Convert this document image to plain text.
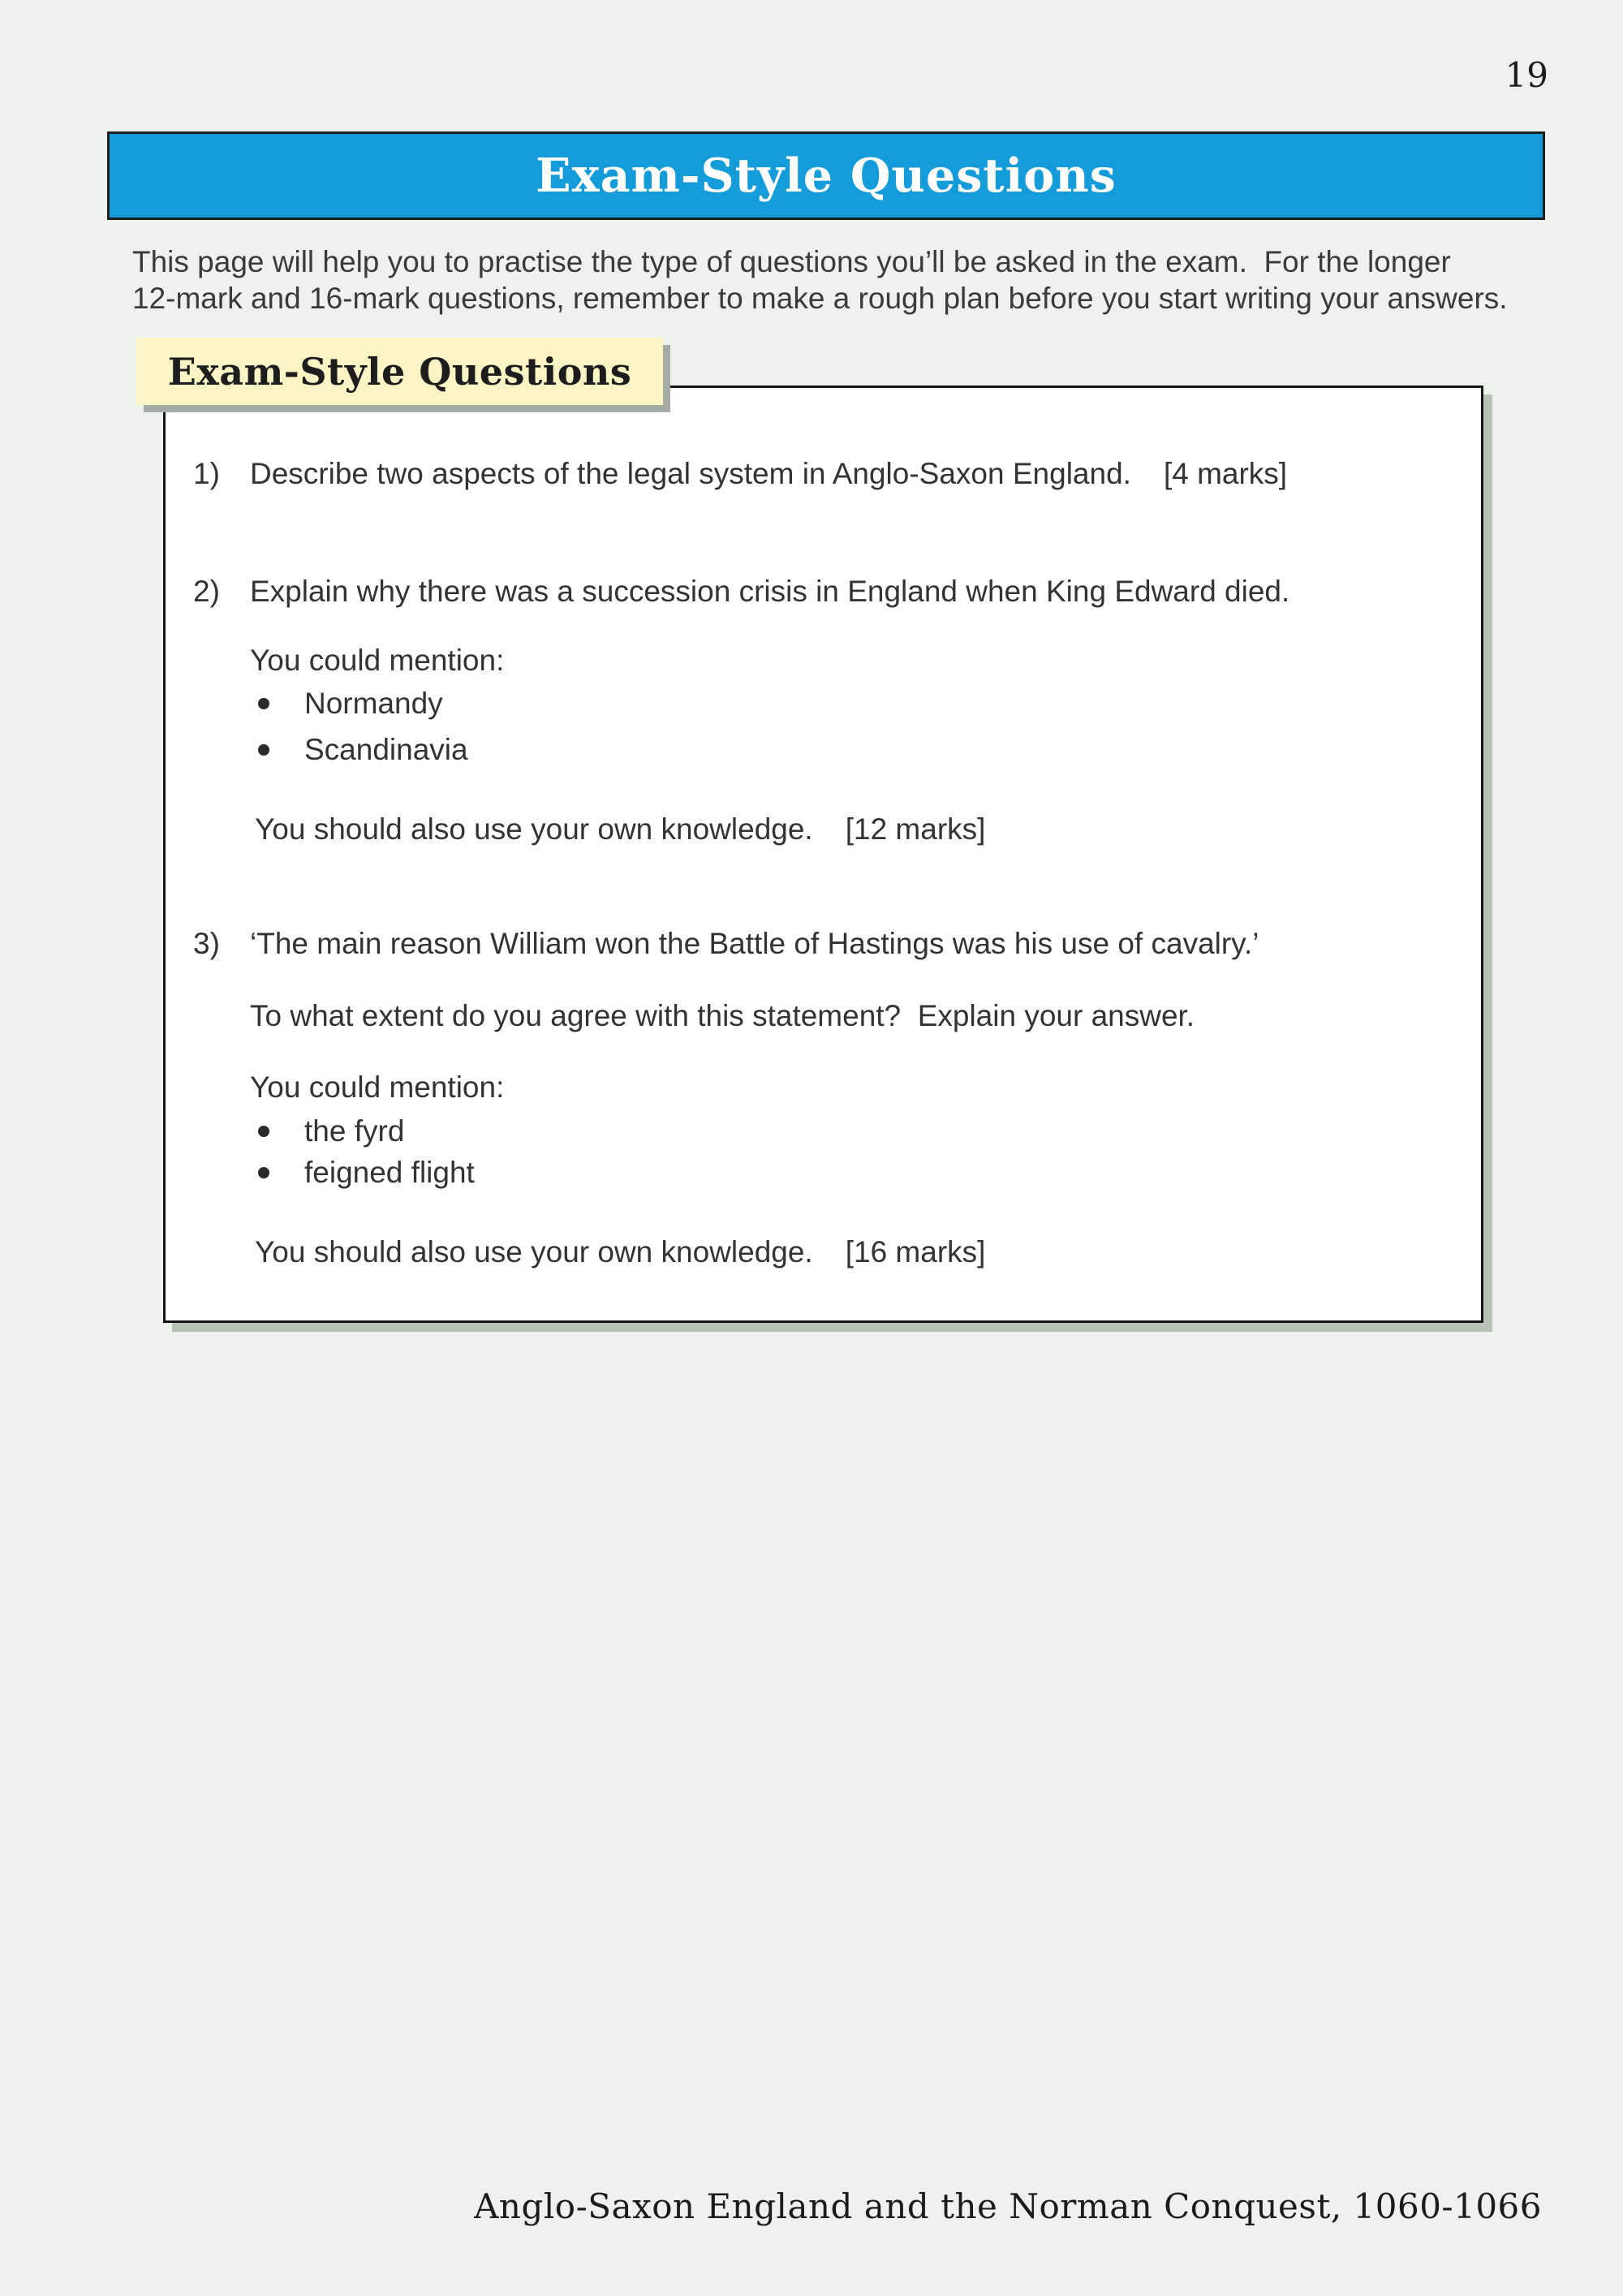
19
Exam-Style Questions
This page will help you to practise the type of questions you’ll be asked in the exam.  For the longer
12-mark and 16-mark questions, remember to make a rough plan before you start writing your answers.
Exam-Style Questions

1)

Describe two aspects of the legal system in Anglo-Saxon England. [4 marks]

2)

Explain why there was a succession crisis in England when King Edward died.

You could mention:

Normandy

Scandinavia

You should also use your own knowledge. [12 marks]

3)

‘The main reason William won the Battle of Hastings was his use of cavalry.’

To what extent do you agree with this statement?  Explain your answer.
You could mention:

the fyrd

feigned flight

You should also use your own knowledge. [16 marks]
Anglo-Saxon England and the Norman Conquest, 1060-1066
